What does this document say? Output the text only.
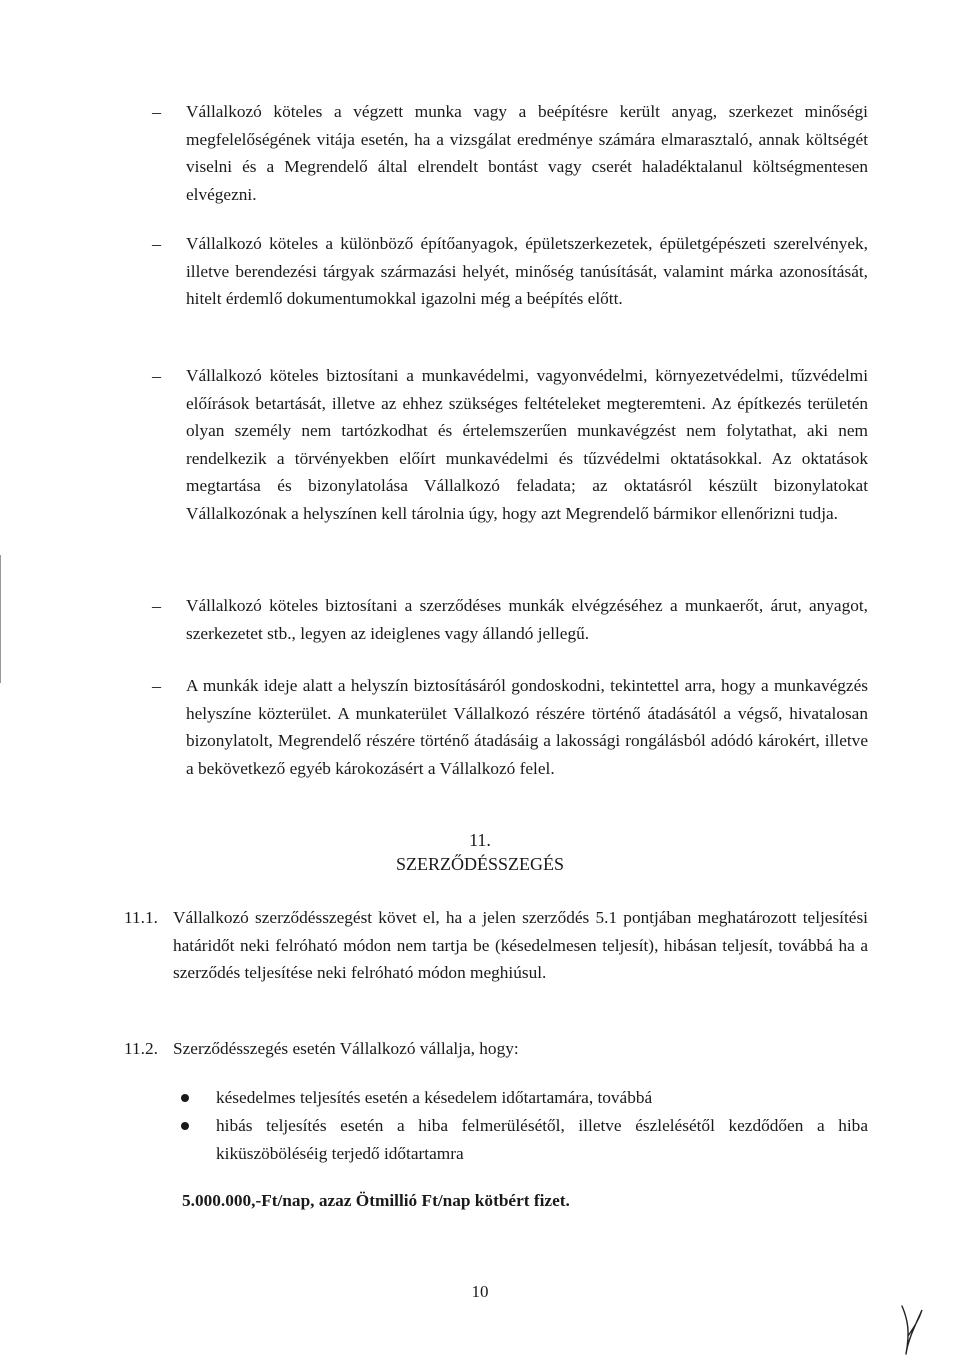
– Vállalkozó köteles a végzett munka vagy a beépítésre került anyag, szerkezet minőségi megfelelőségének vitája esetén, ha a vizsgálat eredménye számára elmarasztaló, annak költségét viselni és a Megrendelő által elrendelt bontást vagy cserét haladéktalanul költségmentesen elvégezni.
– Vállalkozó köteles a különböző építőanyagok, épületszerkezetek, épületgépészeti szerelvények, illetve berendezési tárgyak származási helyét, minőség tanúsítását, valamint márka azonosítását, hitelt érdemlő dokumentumokkal igazolni még a beépítés előtt.
– Vállalkozó köteles biztosítani a munkavédelmi, vagyonvédelmi, környezetvédelmi, tűzvédelmi előírások betartását, illetve az ehhez szükséges feltételeket megteremteni. Az építkezés területén olyan személy nem tartózkodhat és értelemszerűen munkavégzést nem folytathat, aki nem rendelkezik a törvényekben előírt munkavédelmi és tűzvédelmi oktatásokkal. Az oktatások megtartása és bizonylatolása Vállalkozó feladata; az oktatásról készült bizonylatokat Vállalkozónak a helyszínen kell tárolnia úgy, hogy azt Megrendelő bármikor ellenőrizni tudja.
– Vállalkozó köteles biztosítani a szerződéses munkák elvégzéséhez a munkaerőt, árut, anyagot, szerkezetet stb., legyen az ideiglenes vagy állandó jellegű.
– A munkák ideje alatt a helyszín biztosításáról gondoskodni, tekintettel arra, hogy a munkavégzés helyszíne közterület. A munkaterület Vállalkozó részére történő átadásától a végső, hivatalosan bizonylatolt, Megrendelő részére történő átadásáig a lakossági rongálásból adódó károkért, illetve a bekövetkező egyéb károkozásért a Vállalkozó felel.
11.
SZERZŐDÉSSZEGÉS
11.1. Vállalkozó szerződésszegést követ el, ha a jelen szerződés 5.1 pontjában meghatározott teljesítési határidőt neki felróható módon nem tartja be (késedelmesen teljesít), hibásan teljesít, továbbá ha a szerződés teljesítése neki felróható módon meghiúsul.
11.2. Szerződésszegés esetén Vállalkozó vállalja, hogy:
késedelmes teljesítés esetén a késedelem időtartamára, továbbá
hibás teljesítés esetén a hiba felmerülésétől, illetve észlelésétől kezdődően a hiba kiküszöböléséig terjedő időtartamra
5.000.000,-Ft/nap, azaz Ötmillió Ft/nap kötbért fizet.
10
